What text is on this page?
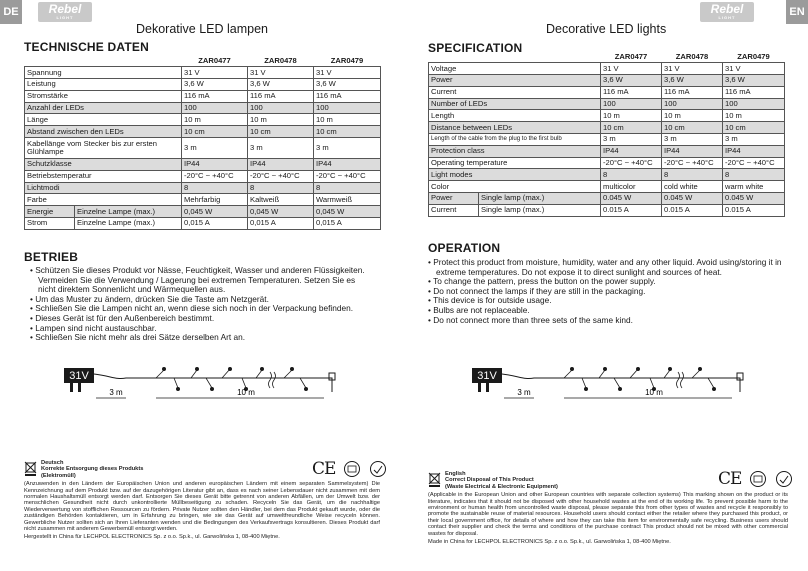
DE	Rebel
LIGHT
Dekorative LED lampen
TECHNISCHE DATEN
		ZAR0477	ZAR0478	ZAR0479
Spannung		31 V	31 V	31 V
Leistung		3,6 W	3,6 W	3,6 W
Stromstärke		116 mA	116 mA	116 mA
Anzahl der LEDs		100	100	100
Länge		10 m	10 m	10 m
Abstand zwischen den LEDs		10 cm	10 cm	10 cm
Kabellänge vom Stecker bis zur ersten Glühlampe		3 m	3 m	3 m
Schutzklasse		IP44	IP44	IP44
Betriebstemperatur		-20°C ~ +40°C	-20°C ~ +40°C	-20°C ~ +40°C
Lichtmodi		8	8	8
Farbe		Mehrfarbig	Kaltweiß	Warmweiß
Energie	Einzelne Lampe (max.)	0,045 W	0,045 W	0,045 W
Strom	Einzelne Lampe (max.)	0,015 A	0,015 A	0,015 A
BETRIEB
• Schützen Sie dieses Produkt vor Nässe, Feuchtigkeit, Wasser und anderen Flüssigkeiten. Vermeiden Sie die Verwendung / Lagerung bei extremen Temperaturen. Setzen Sie es nicht direktem Sonnenlicht und Wärmequellen aus.
• Um das Muster zu ändern, drücken Sie die Taste am Netzgerät.
• Schließen Sie die Lampen nicht an, wenn diese sich noch in der Verpackung befinden.
• Dieses Gerät ist für den Außenbereich bestimmt.
• Lampen sind nicht austauschbar.
• Schließen Sie nicht mehr als drei Sätze derselben Art an.
31V
3 m	10 m
Deutsch
Korrekte Entsorgung dieses Produkts
(Elektromüll)
(Anzuwenden in den Ländern der Europäischen Union und anderen europäischen Ländern mit einem separaten Sammelsystem) Die Kennzeichnung auf dem Produkt bzw. auf der dazugehörigen Literatur gibt an, dass es nach seiner Lebensdauer nicht zusammen mit dem normalen Haushaltsmüll entsorgt werden darf. Entsorgen Sie dieses Gerät bitte getrennt von anderen Abfällen, um der Umwelt bzw. der menschlichen Gesundheit nicht durch unkontrollierte Müllbeseitigung zu schaden. Recyceln Sie das Gerät, um die nachhaltige Wiederverwertung von stofflichen Ressourcen zu fördern. Private Nutzer sollten den Händler, bei dem das Produkt gekauft wurde, oder die zuständigen Behörden kontaktieren, um in Erfahrung zu bringen, wie sie das Gerät auf umweltfreundliche Weise recyceln können. Gewerbliche Nutzer sollten sich an Ihren Lieferanten wenden und die Bedingungen des Verkaufsvertrags konsultieren. Dieses Produkt darf nicht zusammen mit anderem Gewerbemüll entsorgt werden.
Hergestellt in China für LECHPOL ELECTRONICS Sp. z o.o. Sp.k., ul. Garwolińska 1, 08-400 Miętne.
CE
EN
Rebel
LIGHT
Decorative LED lights
SPECIFICATION
		ZAR0477	ZAR0478	ZAR0479
Voltage		31 V	31 V	31 V
Power		3,6 W	3,6 W	3,6 W
Current		116 mA	116 mA	116 mA
Number of LEDs		100	100	100
Length		10 m	10 m	10 m
Distance between LEDs		10 cm	10 cm	10 cm
Length of the cable from the plug to the first bulb		3 m	3 m	3 m
Protection class		IP44	IP44	IP44
Operating temperature		-20°C ~ +40°C	-20°C ~ +40°C	-20°C ~ +40°C
Light modes		8	8	8
Color		multicolor	cold white	warm white
Power	Single lamp (max.)	0.045 W	0.045 W	0.045 W
Current	Single lamp (max.)	0.015 A	0.015 A	0.015 A
OPERATION
• Protect this product from moisture, humidity, water and any other liquid. Avoid using/storing it in extreme temperatures. Do not expose it to direct sunlight and sources of heat.
• To change the pattern, press the button on the power supply.
• Do not connect the lamps if they are still in the packaging.
• This device is for outside usage.
• Bulbs are not replaceable.
• Do not connect more than three sets of the same kind.
31V
3 m	10 m
English
Correct Disposal of This Product
(Waste Electrical & Electronic Equipment)
(Applicable in the European Union and other European countries with separate collection systems) This marking shown on the product or its literature, indicates that it should not be disposed with other household wastes at the end of its working life. To prevent possible harm to the environment or human health from uncontrolled waste disposal, please separate this from other types of wastes and recycle it responsibly to promote the sustainable reuse of material resources. Household users should contact either the retailer where they purchased this product, or their local government office, for details of where and how they can take this item for environmentally safe recycling. Business users should contact their supplier and check the terms and conditions of the purchase contract This product should not be mixed with other commercial wastes for disposal.
Made in China for LECHPOL ELECTRONICS Sp. z o.o. Sp.k., ul. Garwolińska 1, 08-400 Miętne.
CE
